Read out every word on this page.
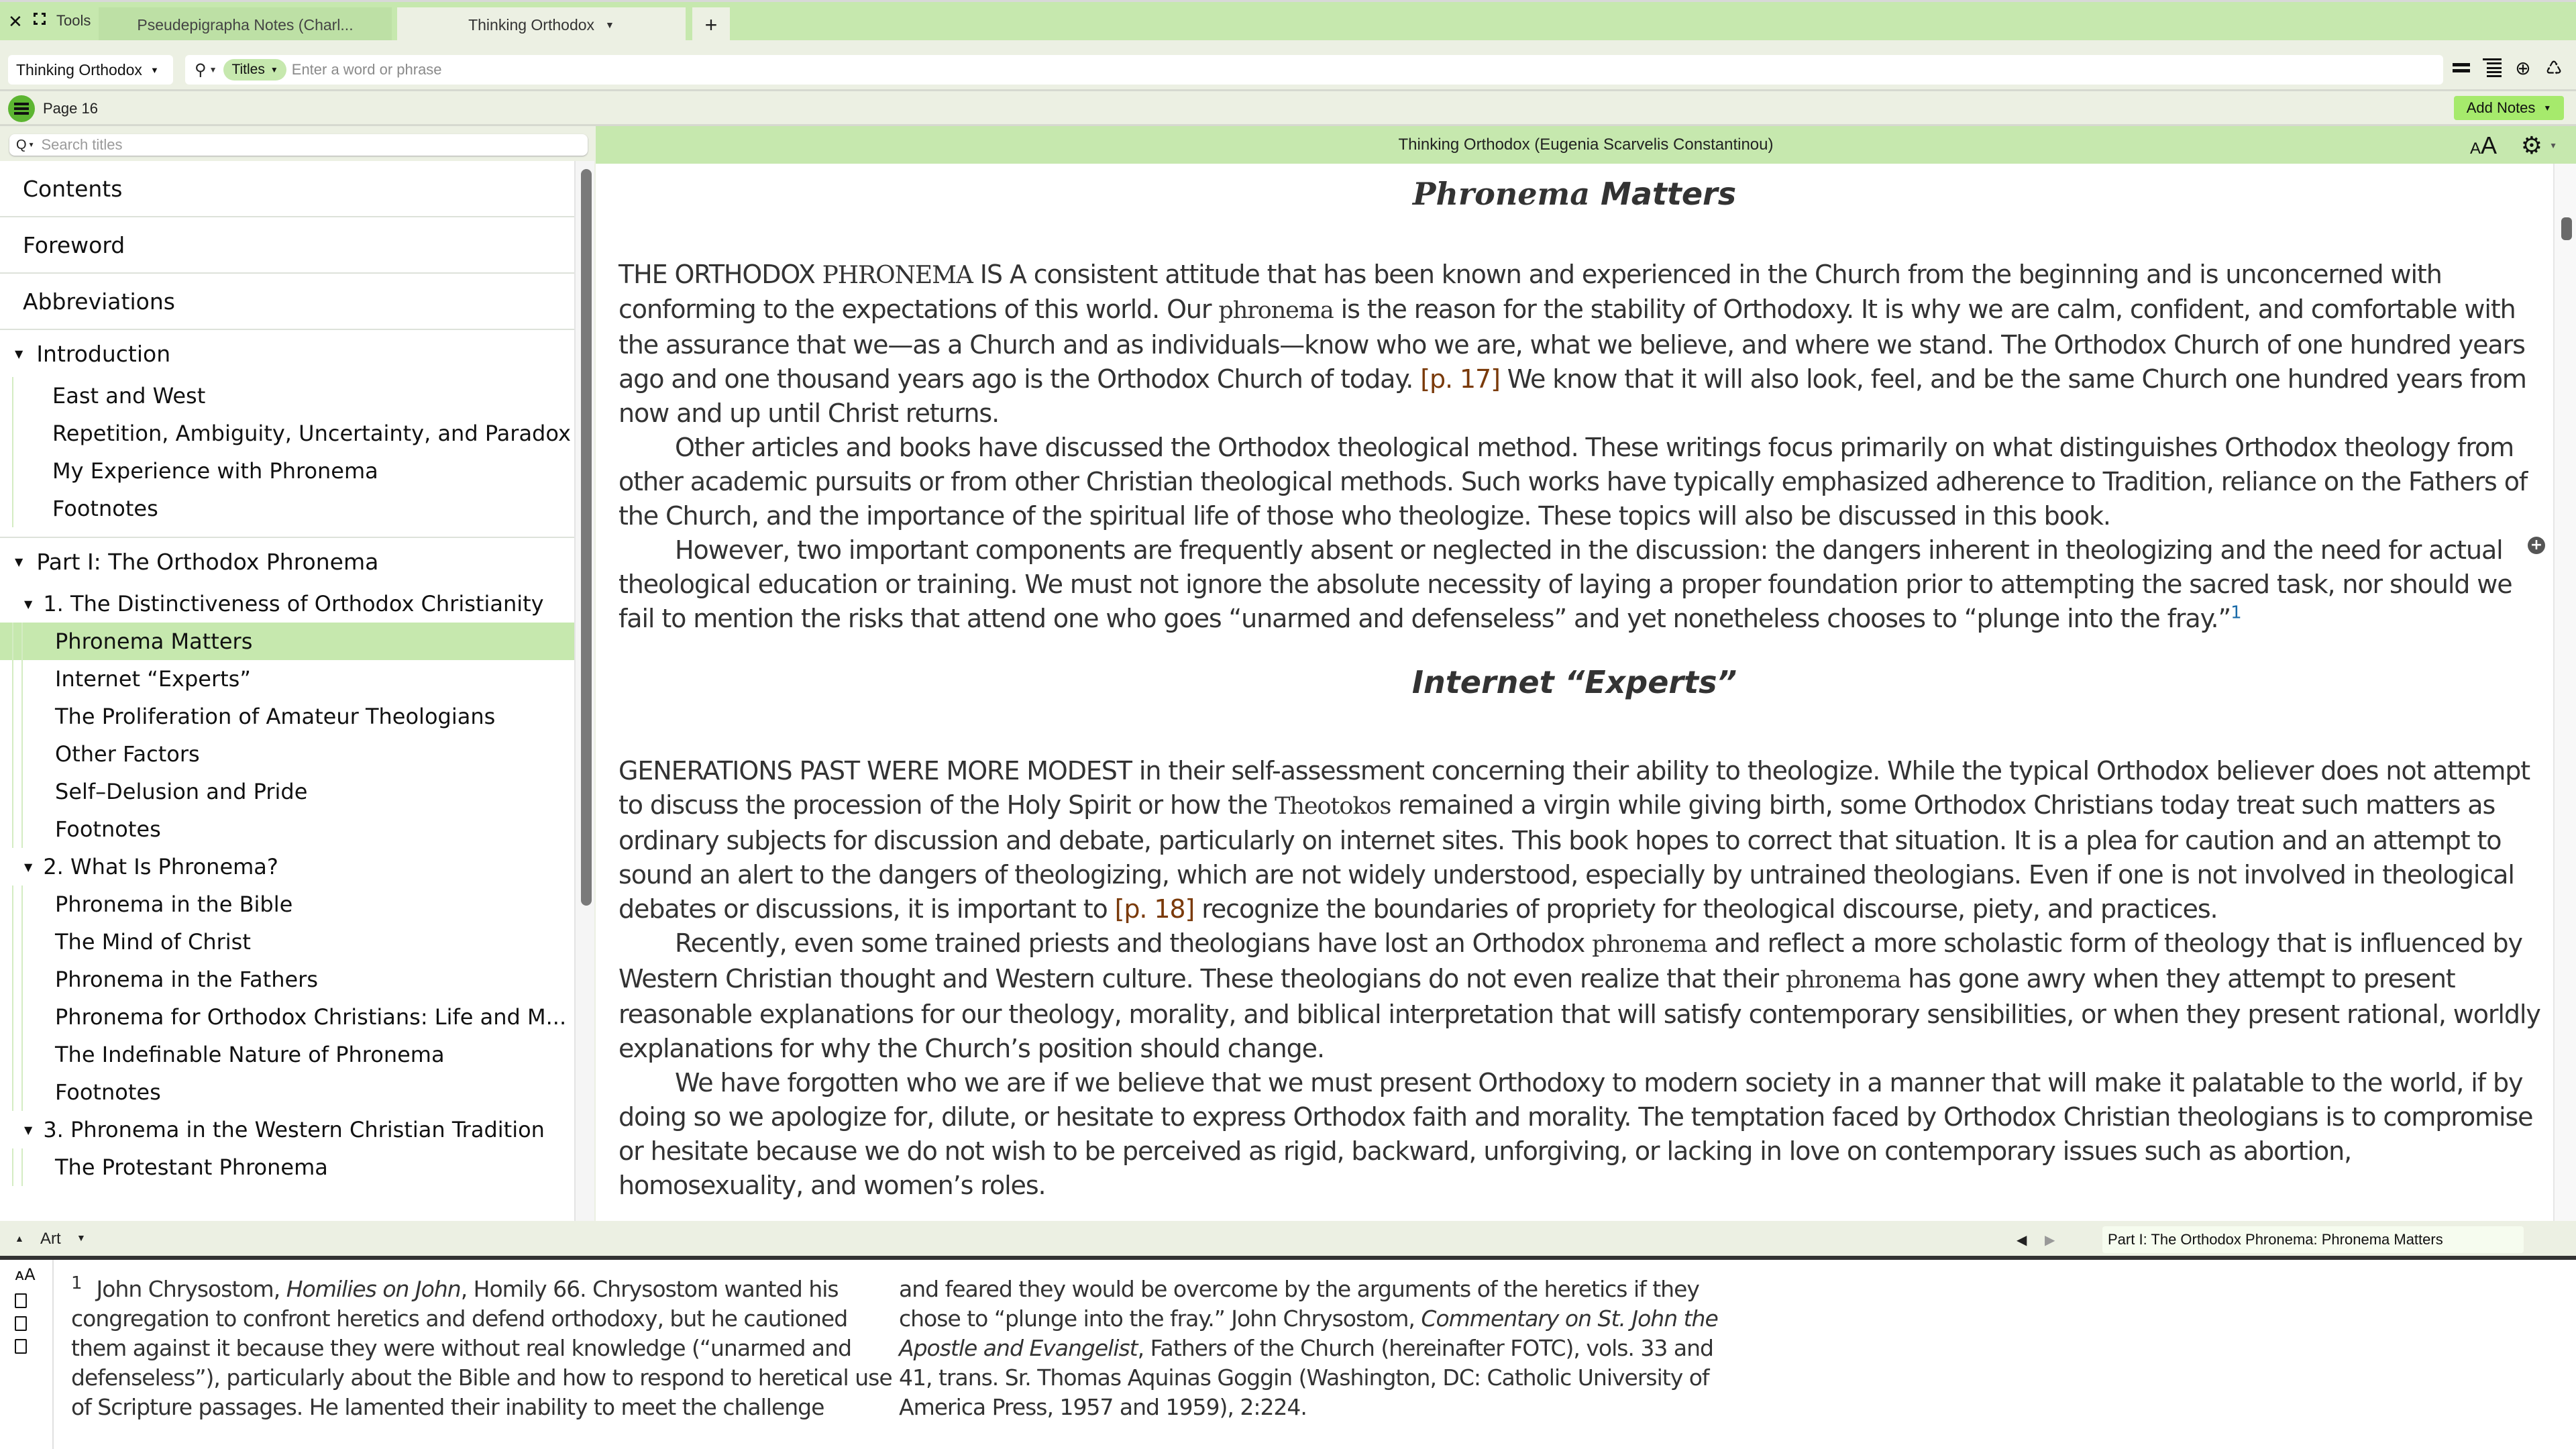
✕ Tools	Pseudepigrapha Notes (Charl...	Thinking Orthodox ▼	+
Thinking Orthodox ▼ ⚲ ▼ Titles ▼
Enter a word or phrase	⊕ ♺
Page 16	Add Notes ▼
Q ▼
Search titles
Contents
Foreword
Abbreviations
▼ Introduction
East and West
Repetition, Ambiguity, Uncertainty, and Paradox
My Experience with Phronema
Footnotes
▼ Part I: The Orthodox Phronema
▼ 1. The Distinctiveness of Orthodox Christianity
Phronema Matters
Internet “Experts”
The Proliferation of Amateur Theologians
Other Factors
Self–Delusion and Pride
Footnotes
▼ 2. What Is Phronema?
Phronema in the Bible
The Mind of Christ
Phronema in the Fathers
Phronema for Orthodox Christians: Life and M...
The Indefinable Nature of Phronema
Footnotes
▼ 3. Phronema in the Western Christian Tradition
The Protestant Phronema
Thinking Orthodox (Eugenia Scarvelis Constantinou)	AA ⚙ ▼
Phronema Matters

THE ORTHODOX PHRONEMA IS A consistent attitude that has been known and experienced in the Church from the beginning and is unconcerned with conforming to the expectations of this world. Our phronema is the reason for the stability of Orthodoxy. It is why we are calm, confident, and comfortable with the assurance that we—as a Church and as individuals—know who we are, what we believe, and where we stand. The Orthodox Church of one hundred years ago and one thousand years ago is the Orthodox Church of today. [p. 17] We know that it will also look, feel, and be the same Church one hundred years from now and up until Christ returns.

Other articles and books have discussed the Orthodox theological method. These writings focus primarily on what distinguishes Orthodox theology from other academic pursuits or from other Christian theological methods. Such works have typically emphasized adherence to Tradition, reliance on the Fathers of the Church, and the importance of the spiritual life of those who theologize. These topics will also be discussed in this book.

However, two important components are frequently absent or neglected in the discussion: the dangers inherent in theologizing and the need for actual theological education or training. We must not ignore the absolute necessity of laying a proper foundation prior to attempting the sacred task, nor should we fail to mention the risks that attend one who goes “unarmed and defenseless” and yet nonetheless chooses to “plunge into the fray.”$^1$

Internet “Experts”

GENERATIONS PAST WERE MORE MODEST in their self-assessment concerning their ability to theologize. While the typical Orthodox believer does not attempt to discuss the procession of the Holy Spirit or how the Theotokos remained a virgin while giving birth, some Orthodox Christians today treat such matters as ordinary subjects for discussion and debate, particularly on internet sites. This book hopes to correct that situation. It is a plea for caution and an attempt to sound an alert to the dangers of theologizing, which are not widely understood, especially by untrained theologians. Even if one is not involved in theological debates or discussions, it is important to [p. 18] recognize the boundaries of propriety for theological discourse, piety, and practices.

Recently, even some trained priests and theologians have lost an Orthodox phronema and reflect a more scholastic form of theology that is influenced by Western Christian thought and Western culture. These theologians do not even realize that their phronema has gone awry when they attempt to present reasonable explanations for our theology, morality, and biblical interpretation that will satisfy contemporary sensibilities, or when they present rational, worldly explanations for why the Church’s position should change.

We have forgotten who we are if we believe that we must present Orthodoxy to modern society in a manner that will make it palatable to the world, if by doing so we apologize for, dilute, or hesitate to express Orthodox faith and morality. The temptation faced by Orthodox Christian theologians is to compromise or hesitate because we do not wish to be perceived as rigid, backward, unforgiving, or lacking in love on contemporary issues such as abortion, homosexuality, and women’s roles.

+
▲ Art ▼	◀ ▶	Part I: The Orthodox Phronema: Phronema Matters
ᴀA $^1$ John Chrysostom, Homilies on John, Homily 66. Chrysostom wanted his congregation to confront heretics and defend orthodoxy, but he cautioned them against it because they were without real knowledge (“unarmed and defenseless”), particularly about the Bible and how to respond to heretical use of Scripture passages. He lamented their inability to meet the challenge
and feared they would be overcome by the arguments of the heretics if they chose to “plunge into the fray.” John Chrysostom, Commentary on St. John the Apostle and Evangelist, Fathers of the Church (hereinafter FOTC), vols. 33 and 41, trans. Sr. Thomas Aquinas Goggin (Washington, DC: Catholic University of America Press, 1957 and 1959), 2:224.
